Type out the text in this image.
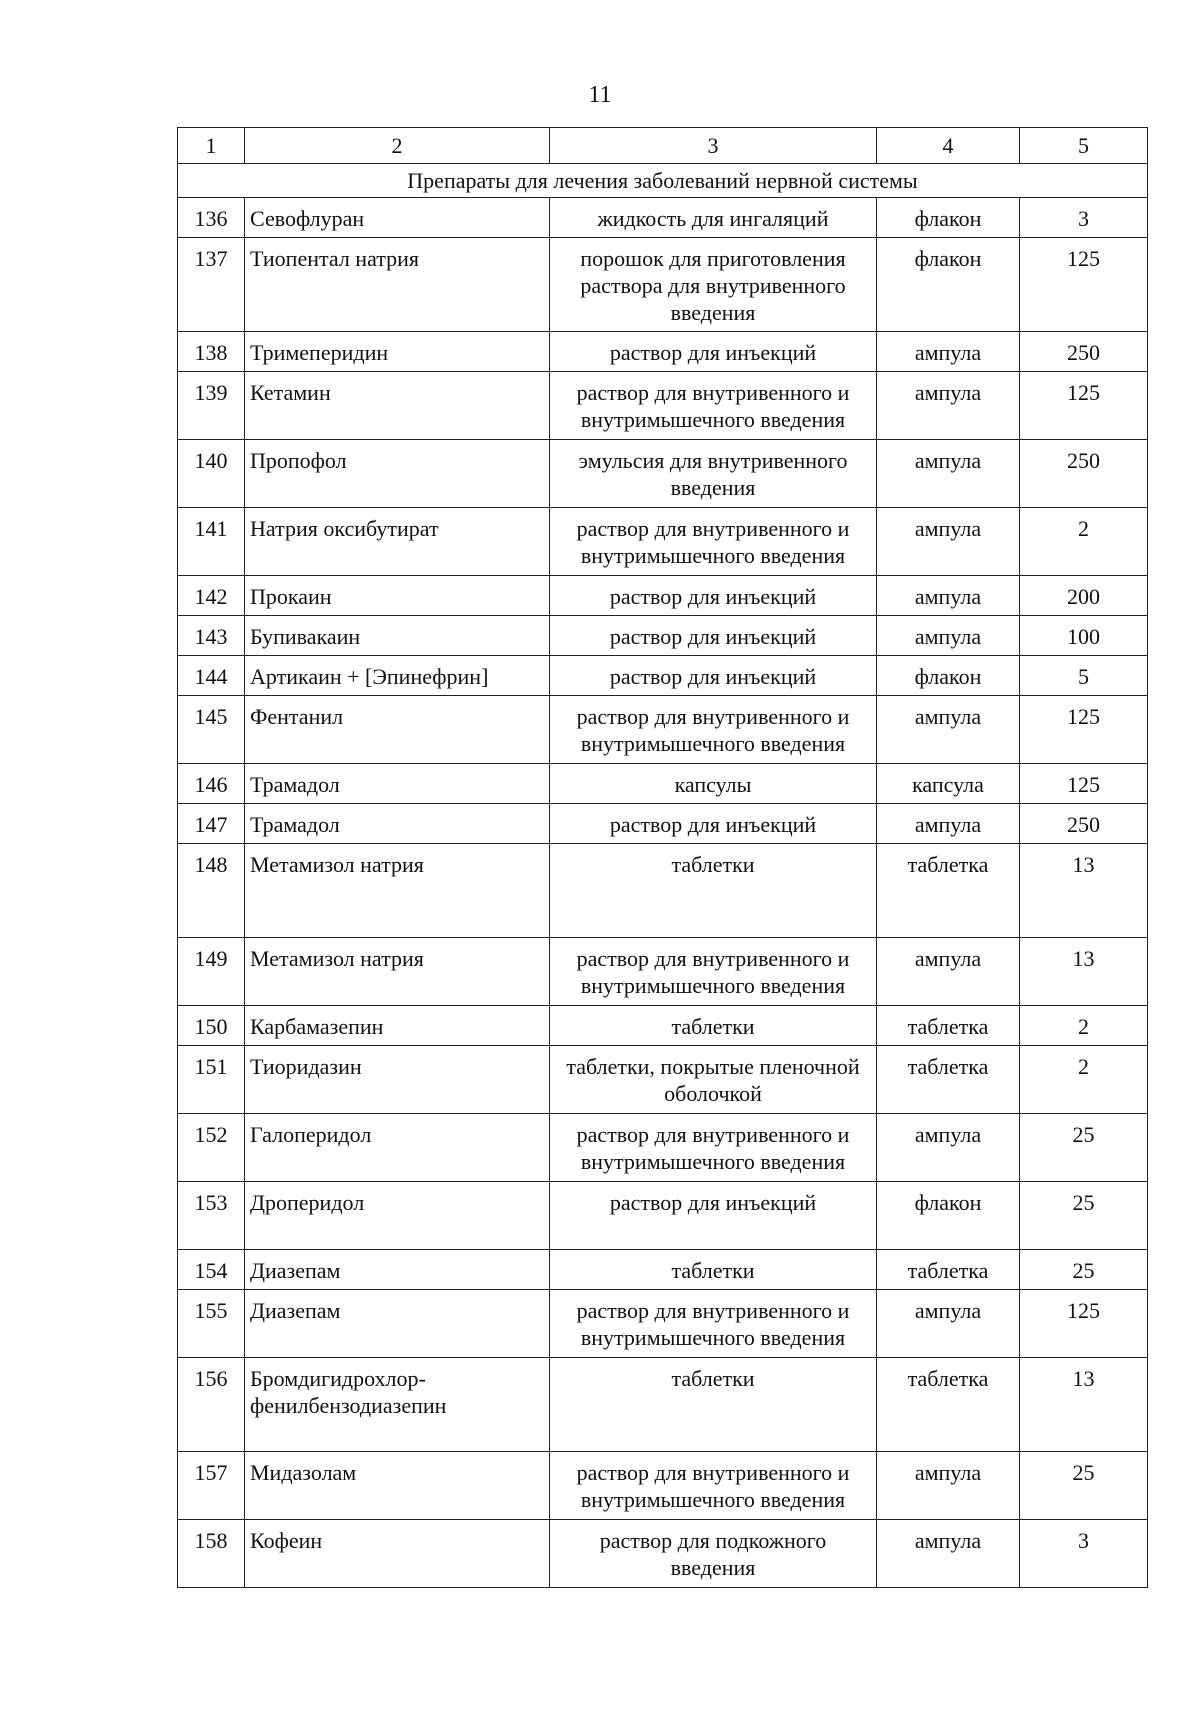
11
1	2	3	4	5
Препараты для лечения заболеваний нервной системы				
136	Севофлуран	жидкость для ингаляций	флакон	3
137	Тиопентал натрия	порошок для приготовления раствора для внутривенного введения	флакон	125
138	Тримеперидин	раствор для инъекций	ампула	250
139	Кетамин	раствор для внутривенного и внутримышечного введения	ампула	125
140	Пропофол	эмульсия для внутривенного введения	ампула	250
141	Натрия оксибутират	раствор для внутривенного и внутримышечного введения	ампула	2
142	Прокаин	раствор для инъекций	ампула	200
143	Бупивакаин	раствор для инъекций	ампула	100
144	Артикаин + [Эпинефрин]	раствор для инъекций	флакон	5
145	Фентанил	раствор для внутривенного и внутримышечного введения	ампула	125
146	Трамадол	капсулы	капсула	125
147	Трамадол	раствор для инъекций	ампула	250
148	Метамизол натрия	таблетки	таблетка	13
149	Метамизол натрия	раствор для внутривенного и внутримышечного введения	ампула	13
150	Карбамазепин	таблетки	таблетка	2
151	Тиоридазин	таблетки, покрытые пленочной оболочкой	таблетка	2
152	Галоперидол	раствор для внутривенного и внутримышечного введения	ампула	25
153	Дроперидол	раствор для инъекций	флакон	25
154	Диазепам	таблетки	таблетка	25
155	Диазепам	раствор для внутривенного и внутримышечного введения	ампула	125
156	Бромдигидрохлор-фенилбензодиазепин	таблетки	таблетка	13
157	Мидазолам	раствор для внутривенного и внутримышечного введения	ампула	25
158	Кофеин	раствор для подкожного введения	ампула	3
